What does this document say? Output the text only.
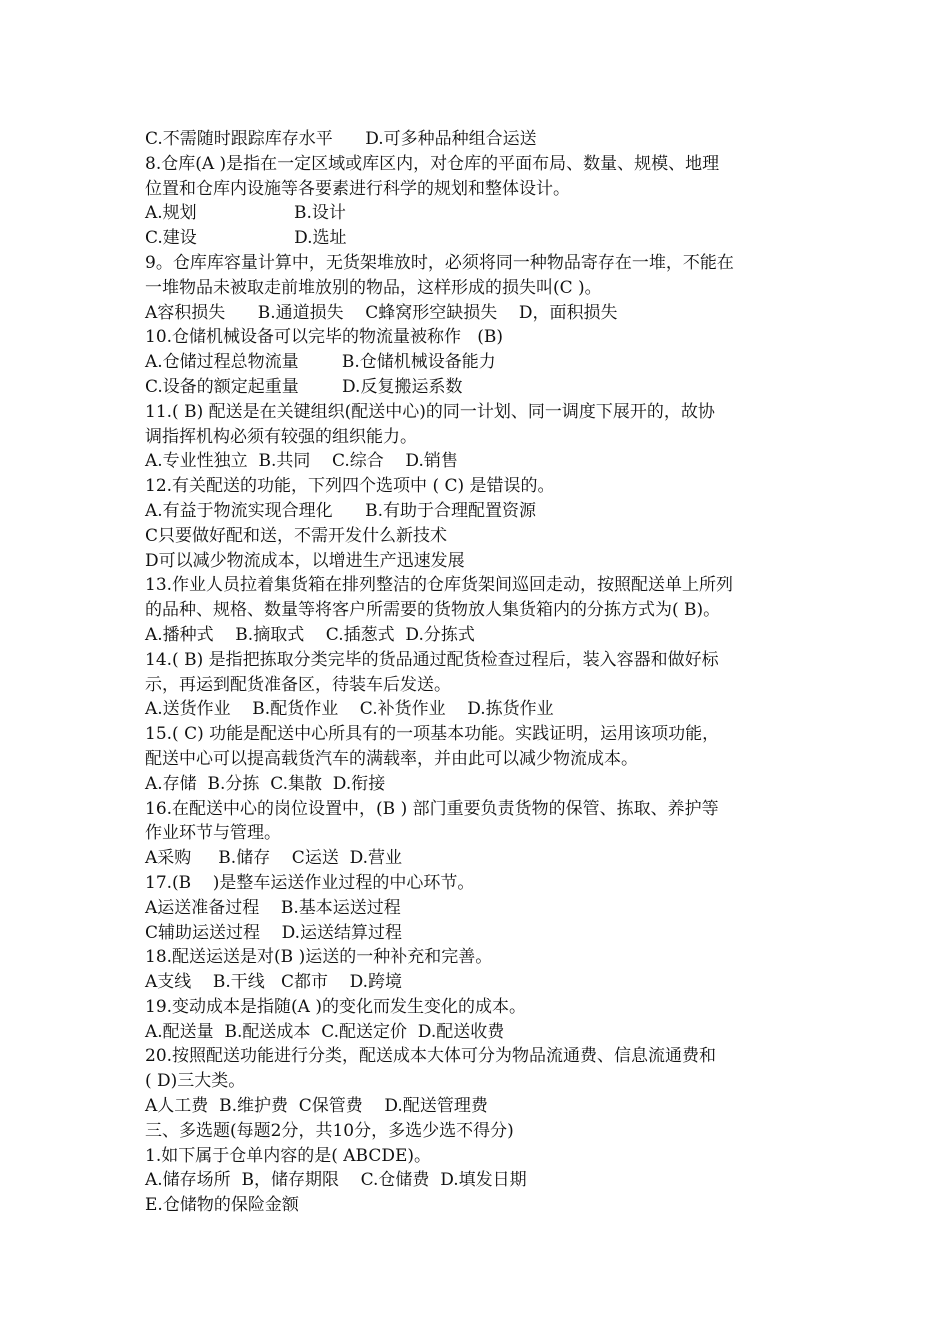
C.不需随时跟踪库存水平      D.可多种品种组合运送
8.仓库(A )是指在一定区域或库区内，对仓库的平面布局、数量、规模、地理
位置和仓库内设施等各要素进行科学的规划和整体设计。
A.规划                  B.设计
C.建设                  D.选址
9。仓库库容量计算中，无货架堆放时，必须将同一种物品寄存在一堆，不能在
一堆物品未被取走前堆放别的物品，这样形成的损失叫(C )。
A容积损失      B.通道损失    C蜂窝形空缺损失    D，面积损失
10.仓储机械设备可以完毕的物流量被称作   (B)
A.仓储过程总物流量        B.仓储机械设备能力
C.设备的额定起重量        D.反复搬运系数
11.( B) 配送是在关键组织(配送中心)的同一计划、同一调度下展开的，故协
调指挥机构必须有较强的组织能力。
A.专业性独立  B.共同    C.综合    D.销售
12.有关配送的功能，下列四个选项中 ( C) 是错误的。
A.有益于物流实现合理化      B.有助于合理配置资源
C只要做好配和送，不需开发什么新技术
D可以减少物流成本，以增进生产迅速发展
13.作业人员拉着集货箱在排列整洁的仓库货架间巡回走动，按照配送单上所列
的品种、规格、数量等将客户所需要的货物放人集货箱内的分拣方式为( B)。
A.播种式    B.摘取式    C.插葱式  D.分拣式
14.( B) 是指把拣取分类完毕的货品通过配货检查过程后，装入容器和做好标
示，再运到配货准备区，待装车后发送。
A.送货作业    B.配货作业    C.补货作业    D.拣货作业
15.( C) 功能是配送中心所具有的一项基本功能。实践证明，运用该项功能，
配送中心可以提高载货汽车的满载率，并由此可以减少物流成本。
A.存储  B.分拣  C.集散  D.衔接
16.在配送中心的岗位设置中，(B ) 部门重要负责货物的保管、拣取、养护等
作业环节与管理。
A采购     B.储存    C运送  D.营业
17.(B    )是整车运送作业过程的中心环节。
A运送准备过程    B.基本运送过程
C辅助运送过程    D.运送结算过程
18.配送运送是对(B )运送的一种补充和完善。
A支线    B.干线   C都市    D.跨境
19.变动成本是指随(A )的变化而发生变化的成本。
A.配送量  B.配送成本  C.配送定价  D.配送收费
20.按照配送功能进行分类，配送成本大体可分为物品流通费、信息流通费和
( D)三大类。
A人工费  B.维护费  C保管费    D.配送管理费
三、多选题(每题2分，共10分，多选少选不得分)
1.如下属于仓单内容的是( ABCDE)。
A.储存场所  B，储存期限    C.仓储费  D.填发日期
E.仓储物的保险金额
